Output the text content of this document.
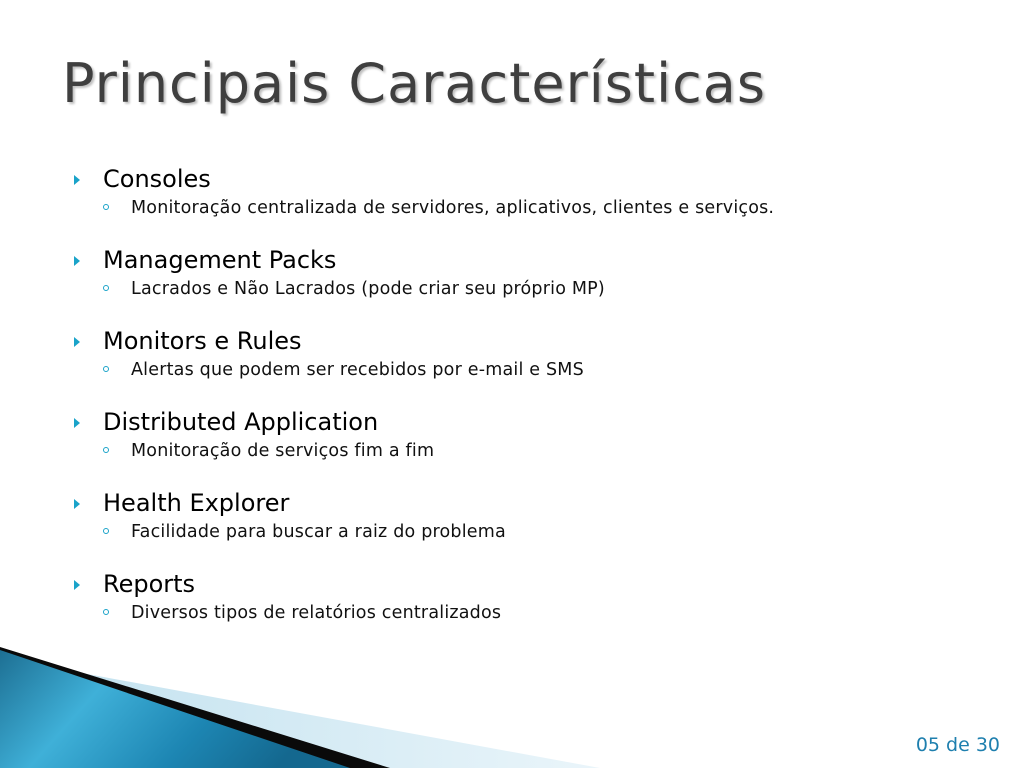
Principais Características
Consoles
Monitoração centralizada de servidores, aplicativos, clientes e serviços.
Management Packs
Lacrados e Não Lacrados (pode criar seu próprio MP)
Monitors e Rules
Alertas que podem ser recebidos por e-mail e SMS
Distributed Application
Monitoração de serviços fim a fim
Health Explorer
Facilidade para buscar a raiz do problema
Reports
Diversos tipos de relatórios centralizados
05 de 30
